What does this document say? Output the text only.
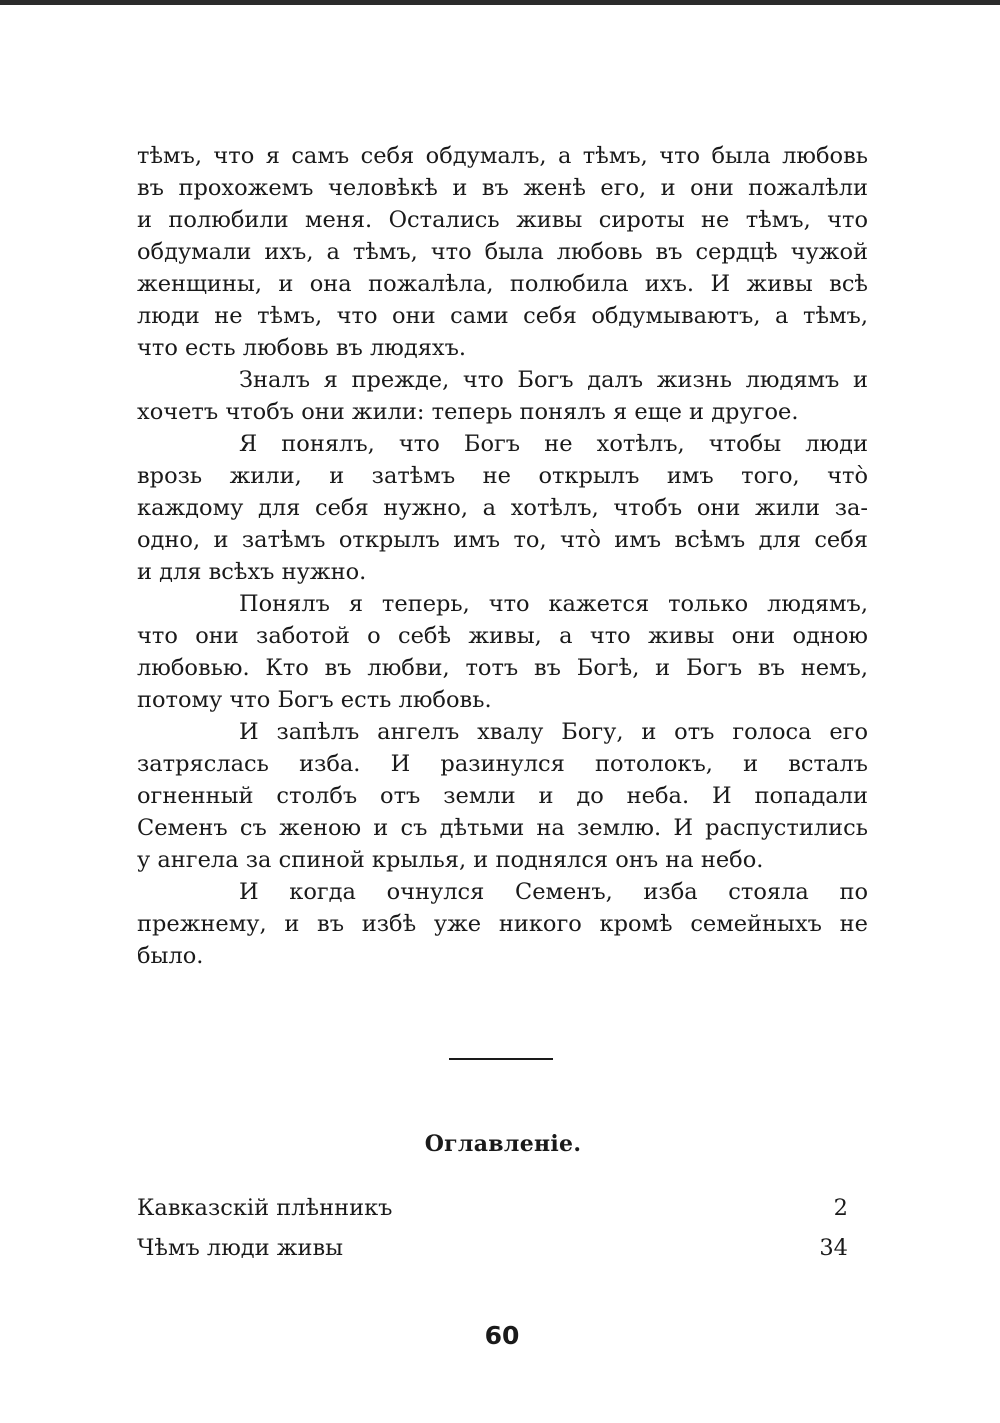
тѣмъ, что я самъ себя обдумалъ, а тѣмъ, что была любовь
въ прохожемъ человѣкѣ и въ женѣ его, и они пожалѣли
и полюбили меня. Остались живы сироты не тѣмъ, что
обдумали ихъ, а тѣмъ, что была любовь въ сердцѣ чужой
женщины, и она пожалѣла, полюбила ихъ. И живы всѣ
люди не тѣмъ, что они сами себя обдумываютъ, а тѣмъ,
что есть любовь въ людяхъ.

Зналъ я прежде, что Богъ далъ жизнь людямъ и
хочетъ чтобъ они жили: теперь понялъ я еще и другое.

Я понялъ, что Богъ не хотѣлъ, чтобы люди
врозь жили, и затѣмъ не открылъ имъ того, чтò
каждому для себя нужно, а хотѣлъ, чтобъ они жили за-
одно, и затѣмъ открылъ имъ то, чтò имъ всѣмъ для себя
и для всѣхъ нужно.

Понялъ я теперь, что кажется только людямъ,
что они заботой о себѣ живы, а что живы они одною
любовью. Кто въ любви, тотъ въ Богѣ, и Богъ въ немъ,
потому что Богъ есть любовь.

И запѣлъ ангелъ хвалу Богу, и отъ голоса его
затряслась изба. И разинулся потолокъ, и всталъ
огненный столбъ отъ земли и до неба. И попадали
Семенъ съ женою и съ дѣтьми на землю. И распустились
у ангела за спиной крылья, и поднялся онъ на небо.

И когда очнулся Семенъ, изба стояла по
прежнему, и въ избѣ уже никого кромѣ семейныхъ не
было.

Оглавленіе.
Кавказскій плѣнникъ	2
Чѣмъ люди живы	34
60
